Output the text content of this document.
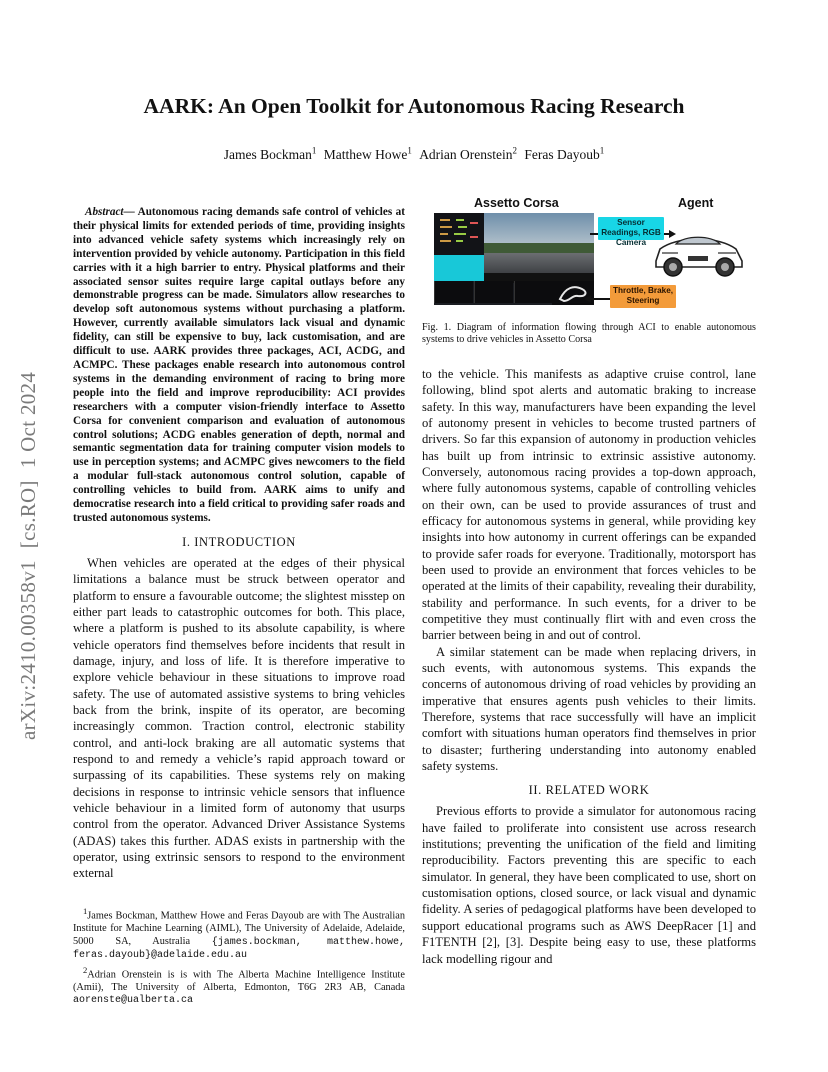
arXiv:2410.00358v1[cs.RO]1 Oct 2024
AARK: An Open Toolkit for Autonomous Racing Research
James Bockman$^1$ Matthew Howe$^1$ Adrian Orenstein$^2$ Feras Dayoub$^1$

Abstract— Autonomous racing demands safe control of vehicles at their physical limits for extended periods of time, providing insights into advanced vehicle safety systems which increasingly rely on intervention provided by vehicle autonomy. Participation in this field carries with it a high barrier to entry. Physical platforms and their associated sensor suites require large capital outlays before any demonstrable progress can be made. Simulators allow researches to develop soft autonomous systems without purchasing a platform. However, currently available simulators lack visual and dynamic fidelity, can still be expensive to buy, lack customisation, and are difficult to use. AARK provides three packages, ACI, ACDG, and ACMPC. These packages enable research into autonomous control systems in the demanding environment of racing to bring more people into the field and improve reproducibility: ACI provides researchers with a computer vision-friendly interface to Assetto Corsa for convenient comparison and evaluation of autonomous control solutions; ACDG enables generation of depth, normal and semantic segmentation data for training computer vision models to use in perception systems; and ACMPC gives newcomers to the field a modular full-stack autonomous control solution, capable of controlling vehicles to build from. AARK aims to unify and democratise research into a field critical to providing safer roads and trusted autonomous systems.

I. INTRODUCTION

When vehicles are operated at the edges of their physical limitations a balance must be struck between operator and platform to ensure a favourable outcome; the slightest misstep on either part leads to catastrophic outcomes for both. This place, where a platform is pushed to its absolute capability, is where vehicle operators find themselves before incidents that result in damage, injury, and loss of life. It is therefore imperative to explore vehicle behaviour in these situations to improve road safety. The use of automated assistive systems to bring vehicles back from the brink, inspite of its operator, are becoming increasingly common. Traction control, electronic stability control, and anti-lock braking are all automatic systems that respond to and remedy a vehicle’s rapid approach toward or surpassing of its capabilities. These systems rely on making decisions in response to intrinsic vehicle sensors that influence vehicle behaviour in a limited form of autonomy that usurps control from the operator. Advanced Driver Assistance Systems (ADAS) takes this further. ADAS exists in partnership with the operator, using extrinsic sensors to respond to the environment external

$^1$James Bockman, Matthew Howe and Feras Dayoub are with The Australian Institute for Machine Learning (AIML), The University of Adelaide, Adelaide, 5000 SA, Australia {james.bockman, matthew.howe, feras.dayoub}@adelaide.edu.au

$^2$Adrian Orenstein is is with The Alberta Machine Intelligence Institute (Amii), The University of Alberta, Edmonton, T6G 2R3 AB, Canada aorenste@ualberta.ca

Assetto Corsa	Agent
Sensor Readings, RGB Camera
Throttle, Brake, Steering

Fig. 1. Diagram of information flowing through ACI to enable autonomous systems to drive vehicles in Assetto Corsa

to the vehicle. This manifests as adaptive cruise control, lane following, blind spot alerts and automatic braking to increase safety. In this way, manufacturers have been expanding the level of autonomy present in vehicles to become trusted partners of drivers. So far this expansion of autonomy in production vehicles has built up from intrinsic to extrinsic assistive autonomy. Conversely, autonomous racing provides a top-down approach, where fully autonomous systems, capable of controlling vehicles on their own, can be used to provide assurances of trust and efficacy for autonomous systems in general, while providing key insights into how autonomy in current offerings can be expanded to provide safer roads for everyone. Traditionally, motorsport has been used to provide an environment that forces vehicles to be operated at the limits of their capability, revealing their durability, stability and performance. In such events, for a driver to be competitive they must continually flirt with and even cross the barrier between being in and out of control.

A similar statement can be made when replacing drivers, in such events, with autonomous systems. This expands the concerns of autonomous driving of road vehicles by providing an imperative that ensures agents push vehicles to their limits. Therefore, systems that race successfully will have an implicit comfort with situations human operators find themselves in prior to disaster; furthering understanding into autonomy enabled safety systems.

II. RELATED WORK

Previous efforts to provide a simulator for autonomous racing have failed to proliferate into consistent use across research institutions; preventing the unification of the field and limiting reproducibility. Factors preventing this are specific to each simulator. In general, they have been complicated to use, short on customisation options, closed source, or lack visual and dynamic fidelity. A series of pedagogical platforms have been developed to support educational programs such as AWS DeepRacer [1] and F1TENTH [2], [3]. Despite being easy to use, these platforms lack modelling rigour and
